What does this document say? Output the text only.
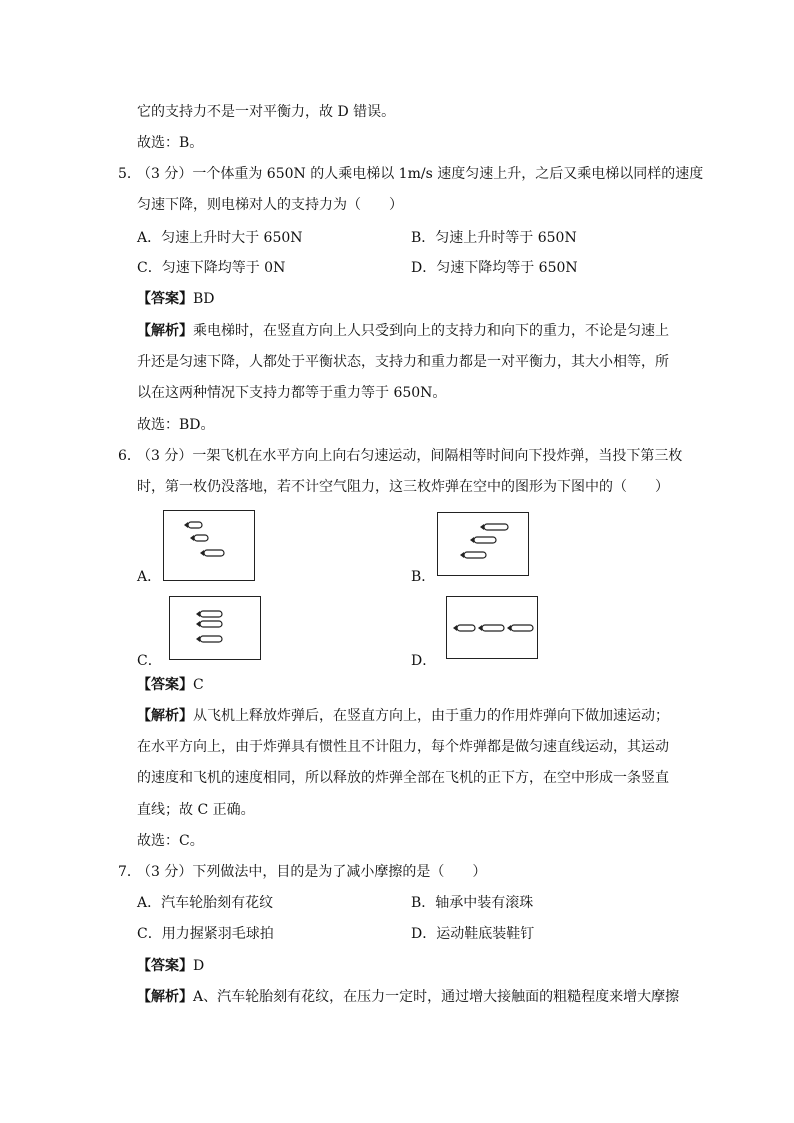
它的支持力不是一对平衡力，故 D 错误。
故选：B。
5．
（3 分）一个体重为 650N 的人乘电梯以 1m/s 速度匀速上升，之后又乘电梯以同样的速度
匀速下降，则电梯对人的支持力为（　　）
A．匀速上升时大于 650N	B．匀速上升时等于 650N
C．匀速下降均等于 0N	D．匀速下降均等于 650N
【答案】BD
【解析】乘电梯时，在竖直方向上人只受到向上的支持力和向下的重力，不论是匀速上
升还是匀速下降，人都处于平衡状态，支持力和重力都是一对平衡力，其大小相等，所
以在这两种情况下支持力都等于重力等于 650N。
故选：BD。
6．
（3 分）一架飞机在水平方向上向右匀速运动，间隔相等时间向下投炸弹，当投下第三枚
时，第一枚仍没落地，若不计空气阻力，这三枚炸弹在空中的图形为下图中的（　　）
A．	B．
C．	D．
【答案】C
【解析】从飞机上释放炸弹后，在竖直方向上，由于重力的作用炸弹向下做加速运动；
在水平方向上，由于炸弹具有惯性且不计阻力，每个炸弹都是做匀速直线运动，其运动
的速度和飞机的速度相同，所以释放的炸弹全部在飞机的正下方，在空中形成一条竖直
直线；故 C 正确。
故选：C。
7．
（3 分）下列做法中，目的是为了减小摩擦的是（　　）
A．汽车轮胎刻有花纹	B．轴承中装有滚珠
C．用力握紧羽毛球拍	D．运动鞋底装鞋钉
【答案】D
【解析】A、汽车轮胎刻有花纹，在压力一定时，通过增大接触面的粗糙程度来增大摩擦
